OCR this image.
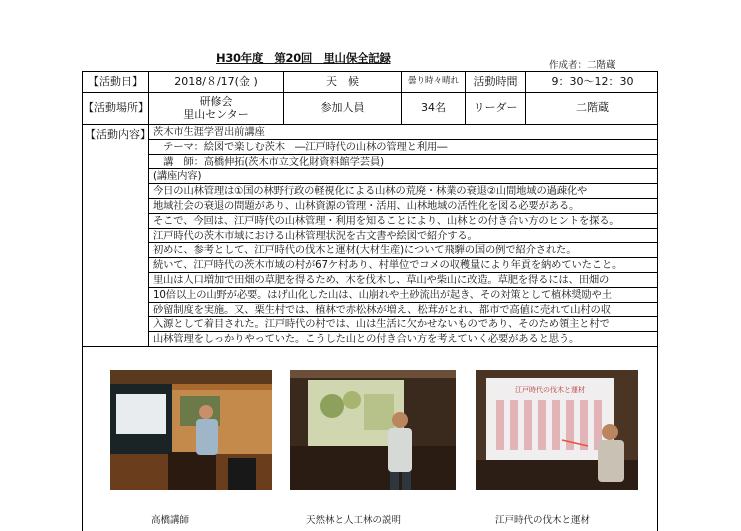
H30年度　第20回　里山保全記録
作成者：二階蔵
【活動日】	2018/８/17(金 )	天　候	曇り時々晴れ	活動時間	9：30〜12：30
【活動場所】	研修会
里山センター	参加人員	34名	リーダー	二階蔵
【活動内容】 茨木市生涯学習出前講座
　テーマ：絵図で楽しむ茨木　―江戸時代の山林の管理と利用―
　講　師：高橋伸拓(茨木市立文化財資料館学芸員)
(講座内容)
今日の山林管理は①国の林野行政の軽視化による山林の荒廃・林業の衰退②山間地域の過疎化や
地域社会の衰退の問題があり、山林資源の管理・活用、山林地域の活性化を図る必要がある。
そこで、今回は、江戸時代の山林管理・利用を知ることにより、山林との付き合い方のヒントを探る。
江戸時代の茨木市域における山林管理状況を古文書や絵図で紹介する。
初めに、参考として、江戸時代の伐木と運材(大材生産)について飛騨の国の例で紹介された。
続いて、江戸時代の茨木市域の村が67ケ村あり、村単位でコメの収穫量により年貢を納めていたこと。
里山は人口増加で田畑の草肥を得るため、木を伐木し、草山や柴山に改造。草肥を得るには、田畑の
10倍以上の山野が必要。はげ山化した山は、山崩れや土砂流出が起き、その対策として植林奨励や土
砂留制度を実施。又、栗生村では、植林で赤松林が増え、松茸がとれ、都市で高値に売れて山村の収
入源として着目された。江戸時代の村では、山は生活に欠かせないものであり、そのため領主と村で
山林管理をしっかりやっていた。こうした山との付き合い方を考えていく必要があると思う。
江戸時代の伐木と運材
高橋講師	天然林と人工林の説明	江戸時代の伐木と運材
